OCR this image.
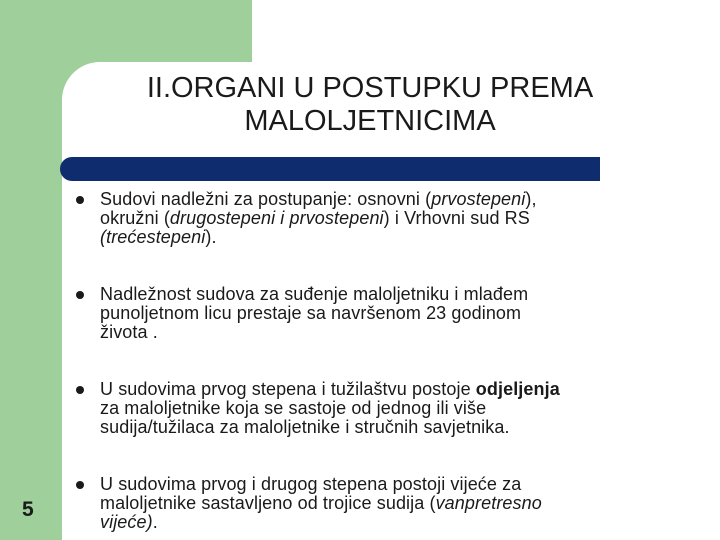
II.ORGANI U POSTUPKU PREMA
MALOLJETNICIMA
Sudovi nadležni za postupanje: osnovni (prvostepeni),
okružni (drugostepeni i prvostepeni) i Vrhovni sud RS
(trećestepeni).
Nadležnost sudova za suđenje maloljetniku i mlađem
punoljetnom licu prestaje sa navršenom 23 godinom
života .
U sudovima prvog stepena i tužilaštvu postoje odjeljenja
za maloljetnike koja se sastoje od jednog ili više
sudija/tužilaca za maloljetnike i stručnih savjetnika.
U sudovima prvog i drugog stepena postoji vijeće za
maloljetnike sastavljeno od trojice sudija (vanpretresno
vijeće).
5
